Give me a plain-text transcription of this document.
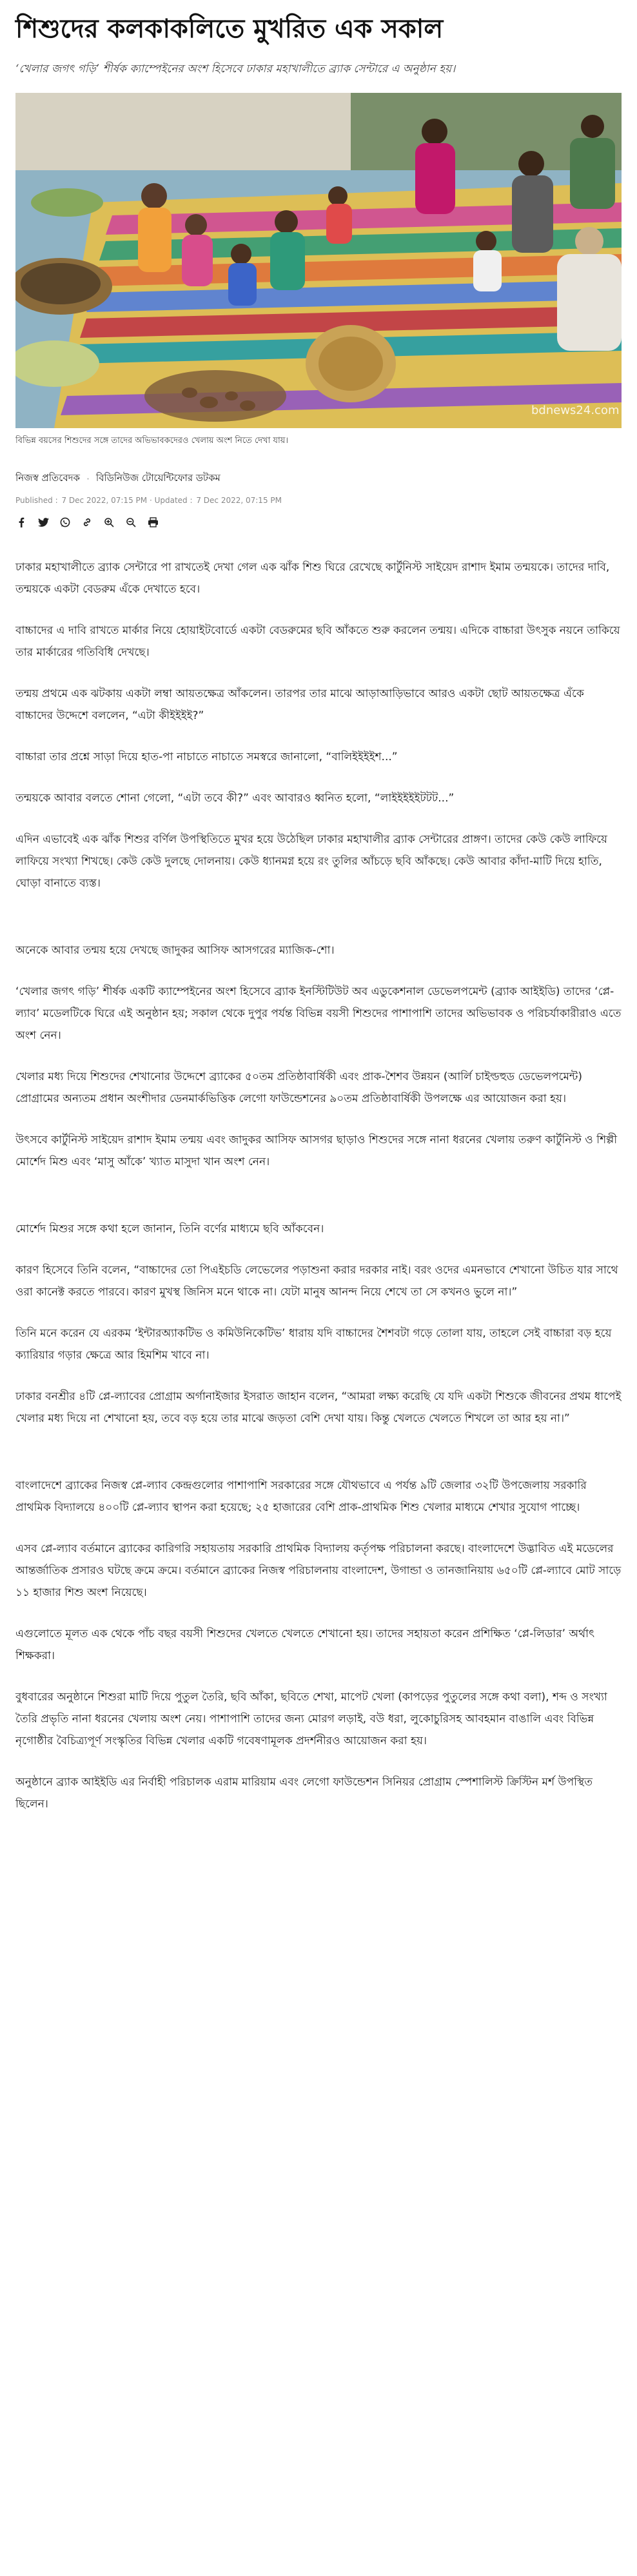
শিশুদের কলকাকলিতে মুখরিত এক সকাল

‘খেলার জগৎ গড়ি’ শীর্ষক ক্যাম্পেইনের অংশ হিসেবে ঢাকার মহাখালীতে ব্র্যাক সেন্টারে এ অনুষ্ঠান হয়।

bdnews24.com

বিভিন্ন বয়সের শিশুদের সঙ্গে তাদের অভিভাবকদেরও খেলায় অংশ নিতে দেখা যায়।

নিজস্ব প্রতিবেদক · বিডিনিউজ টোয়েন্টিফোর ডটকম
Published : 7 Dec 2022, 07:15 PM · Updated : 7 Dec 2022, 07:15 PM

ঢাকার মহাখালীতে ব্র্যাক সেন্টারে পা রাখতেই দেখা গেল এক ঝাঁক শিশু ঘিরে রেখেছে কার্টুনিস্ট সাইয়েদ রাশাদ ইমাম তন্ময়কে। তাদের দাবি, তন্ময়কে একটা বেডরুম এঁকে দেখাতে হবে।

বাচ্চাদের এ দাবি রাখতে মার্কার নিয়ে হোয়াইটবোর্ডে একটা বেডরুমের ছবি আঁকতে শুরু করলেন তন্ময়। এদিকে বাচ্চারা উৎসুক নয়নে তাকিয়ে তার মার্কারের গতিবিধি দেখছে।

তন্ময় প্রথমে এক ঝটকায় একটা লম্বা আয়তক্ষেত্র আঁকলেন। তারপর তার মাঝে আড়াআড়িভাবে আরও একটা ছোট আয়তক্ষেত্র এঁকে বাচ্চাদের উদ্দেশে বললেন, “এটা কীইইইই?”

বাচ্চারা তার প্রশ্নে সাড়া দিয়ে হাত-পা নাচাতে নাচাতে সমস্বরে জানালো, “বালিইইইইশ...”

তন্ময়কে আবার বলতে শোনা গেলো, “এটা তবে কী?” এবং আবারও ধ্বনিত হলো, “লাইইইইইটটট...”

এদিন এভাবেই এক ঝাঁক শিশুর বর্ণিল উপস্থিতিতে মুখর হয়ে উঠেছিল ঢাকার মহাখালীর ব্র্যাক সেন্টারের প্রাঙ্গণ। তাদের কেউ কেউ লাফিয়ে লাফিয়ে সংখ্যা শিখছে। কেউ কেউ দুলছে দোলনায়। কেউ ধ্যানমগ্ন হয়ে রং তুলির আঁচড়ে ছবি আঁকছে। কেউ আবার কাঁদা-মাটি দিয়ে হাতি, ঘোড়া বানাতে ব্যস্ত।

অনেকে আবার তন্ময় হয়ে দেখছে জাদুকর আসিফ আসগরের ম্যাজিক-শো।

‘খেলার জগৎ গড়ি’ শীর্ষক একটি ক্যাম্পেইনের অংশ হিসেবে ব্র্যাক ইনস্টিটিউট অব এডুকেশনাল ডেভেলপমেন্ট (ব্র্যাক আইইডি) তাদের ‘প্লে-ল্যাব’ মডেলটিকে ঘিরে এই অনুষ্ঠান হয়; সকাল থেকে দুপুর পর্যন্ত বিভিন্ন বয়সী শিশুদের পাশাপাশি তাদের অভিভাবক ও পরিচর্যাকারীরাও এতে অংশ নেন।

খেলার মধ্য দিয়ে শিশুদের শেখানোর উদ্দেশে ব্র্যাকের ৫০তম প্রতিষ্ঠাবার্ষিকী এবং প্রাক-শৈশব উন্নয়ন (আর্লি চাইল্ডহুড ডেভেলপমেন্ট) প্রোগ্রামের অন্যতম প্রধান অংশীদার ডেনমার্কভিত্তিক লেগো ফাউন্ডেশনের ৯০তম প্রতিষ্ঠাবার্ষিকী উপলক্ষে এর আয়োজন করা হয়।

উৎসবে কার্টুনিস্ট সাইয়েদ রাশাদ ইমাম তন্ময় এবং জাদুকর আসিফ আসগর ছাড়াও শিশুদের সঙ্গে নানা ধরনের খেলায় তরুণ কার্টুনিস্ট ও শিল্পী মোর্শেদ মিশু এবং ‘মাসু আঁকে’ খ্যাত মাসুদা খান অংশ নেন।

মোর্শেদ মিশুর সঙ্গে কথা হলে জানান, তিনি বর্ণের মাধ্যমে ছবি আঁকবেন।

কারণ হিসেবে তিনি বলেন, “বাচ্চাদের তো পিএইচডি লেভেলের পড়াশুনা করার দরকার নাই। বরং ওদের এমনভাবে শেখানো উচিত যার সাথে ওরা কানেক্ট করতে পারবে। কারণ মুখস্থ জিনিস মনে থাকে না। যেটা মানুষ আনন্দ নিয়ে শেখে তা সে কখনও ভুলে না।”

তিনি মনে করেন যে এরকম ‘ইন্টারঅ্যাকটিভ ও কমিউনিকেটিভ’ ধারায় যদি বাচ্চাদের শৈশবটা গড়ে তোলা যায়, তাহলে সেই বাচ্চারা বড় হয়ে ক্যারিয়ার গড়ার ক্ষেত্রে আর হিমশিম খাবে না।

ঢাকার বনশ্রীর ৪টি প্লে-ল্যাবের প্রোগ্রাম অর্গানাইজার ইসরাত জাহান বলেন, “আমরা লক্ষ্য করেছি যে যদি একটা শিশুকে জীবনের প্রথম ধাপেই খেলার মধ্য দিয়ে না শেখানো হয়, তবে বড় হয়ে তার মাঝে জড়তা বেশি দেখা যায়। কিন্তু খেলতে খেলতে শিখলে তা আর হয় না।”

বাংলাদেশে ব্র্যাকের নিজস্ব প্লে-ল্যাব কেন্দ্রগুলোর পাশাপাশি সরকারের সঙ্গে যৌথভাবে এ পর্যন্ত ৯টি জেলার ৩২টি উপজেলায় সরকারি প্রাথমিক বিদ্যালয়ে ৪০০টি প্লে-ল্যাব স্থাপন করা হয়েছে; ২৫ হাজারের বেশি প্রাক-প্রাথমিক শিশু খেলার মাধ্যমে শেখার সুযোগ পাচ্ছে।

এসব প্লে-ল্যাব বর্তমানে ব্র্যাকের কারিগরি সহায়তায় সরকারি প্রাথমিক বিদ্যালয় কর্তৃপক্ষ পরিচালনা করছে। বাংলাদেশে উদ্ভাবিত এই মডেলের আন্তর্জাতিক প্রসারও ঘটছে ক্রমে ক্রমে। বর্তমানে ব্র্যাকের নিজস্ব পরিচালনায় বাংলাদেশ, উগান্ডা ও তানজানিয়ায় ৬৫০টি প্লে-ল্যাবে মোট সাড়ে ১১ হাজার শিশু অংশ নিয়েছে।

এগুলোতে মূলত এক থেকে পাঁচ বছর বয়সী শিশুদের খেলতে খেলতে শেখানো হয়। তাদের সহায়তা করেন প্রশিক্ষিত ‘প্লে-লিডার’ অর্থাৎ শিক্ষকরা।

বুধবারের অনুষ্ঠানে শিশুরা মাটি দিয়ে পুতুল তৈরি, ছবি আঁকা, ছবিতে শেখা, মাপেট খেলা (কাপড়ের পুতুলের সঙ্গে কথা বলা), শব্দ ও সংখ্যা তৈরি প্রভৃতি নানা ধরনের খেলায় অংশ নেয়। পাশাপাশি তাদের জন্য মোরগ লড়াই, বউ ধরা, লুকোচুরিসহ আবহমান বাঙালি এবং বিভিন্ন নৃগোষ্ঠীর বৈচিত্র্যপূর্ণ সংস্কৃতির বিভিন্ন খেলার একটি গবেষণামূলক প্রদর্শনীরও আয়োজন করা হয়।

অনুষ্ঠানে ব্র্যাক আইইডি এর নির্বাহী পরিচালক এরাম মারিয়াম এবং লেগো ফাউন্ডেশন সিনিয়র প্রোগ্রাম স্পেশালিস্ট ক্রিস্টিন মর্শ উপস্থিত ছিলেন।
